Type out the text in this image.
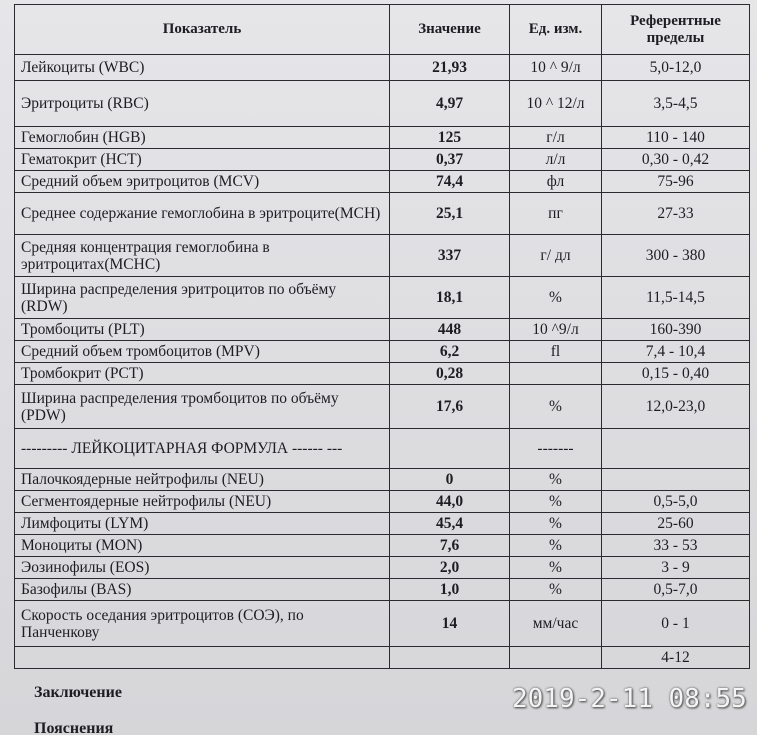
Показатель	Значение	Ед. изм.	Референтные пределы
Лейкоциты (WBC)	21,93	10 ^ 9/л	5,0-12,0
Эритроциты (RBC)	4,97	10 ^ 12/л	3,5-4,5
Гемоглобин (HGB)	125	г/л	110 - 140
Гематокрит (HCT)	0,37	л/л	0,30 - 0,42
Средний объем эритроцитов (MCV)	74,4	фл	75-96
Среднее содержание гемоглобина в эритроците(MCH)	25,1	пг	27-33
Средняя концентрация гемоглобина в эритроцитах(MCHC)	337	г/ дл	300 - 380
Ширина распределения эритроцитов по объёму (RDW)	18,1	%	11,5-14,5
Тромбоциты (PLT)	448	10 ^9/л	160-390
Средний объем тромбоцитов (MPV)	6,2	fl	7,4 - 10,4
Тромбокрит (PCT)	0,28		0,15 - 0,40
Ширина распределения тромбоцитов по объёму (PDW)	17,6	%	12,0-23,0
--------- ЛЕЙКОЦИТАРНАЯ ФОРМУЛА ------ ---		-------	
Палочкоядерные нейтрофилы (NEU)	0	%	
Сегментоядерные нейтрофилы (NEU)	44,0	%	0,5-5,0
Лимфоциты (LYM)	45,4	%	25-60
Моноциты (MON)	7,6	%	33 - 53
Эозинофилы (EOS)	2,0	%	3 - 9
Базофилы (BAS)	1,0	%	0,5-7,0
Скорость оседания эритроцитов (СОЭ), по Панченкову	14	мм/час	0 - 1
			4-12
Заключение
Пояснения
2019-2-11 08:55
